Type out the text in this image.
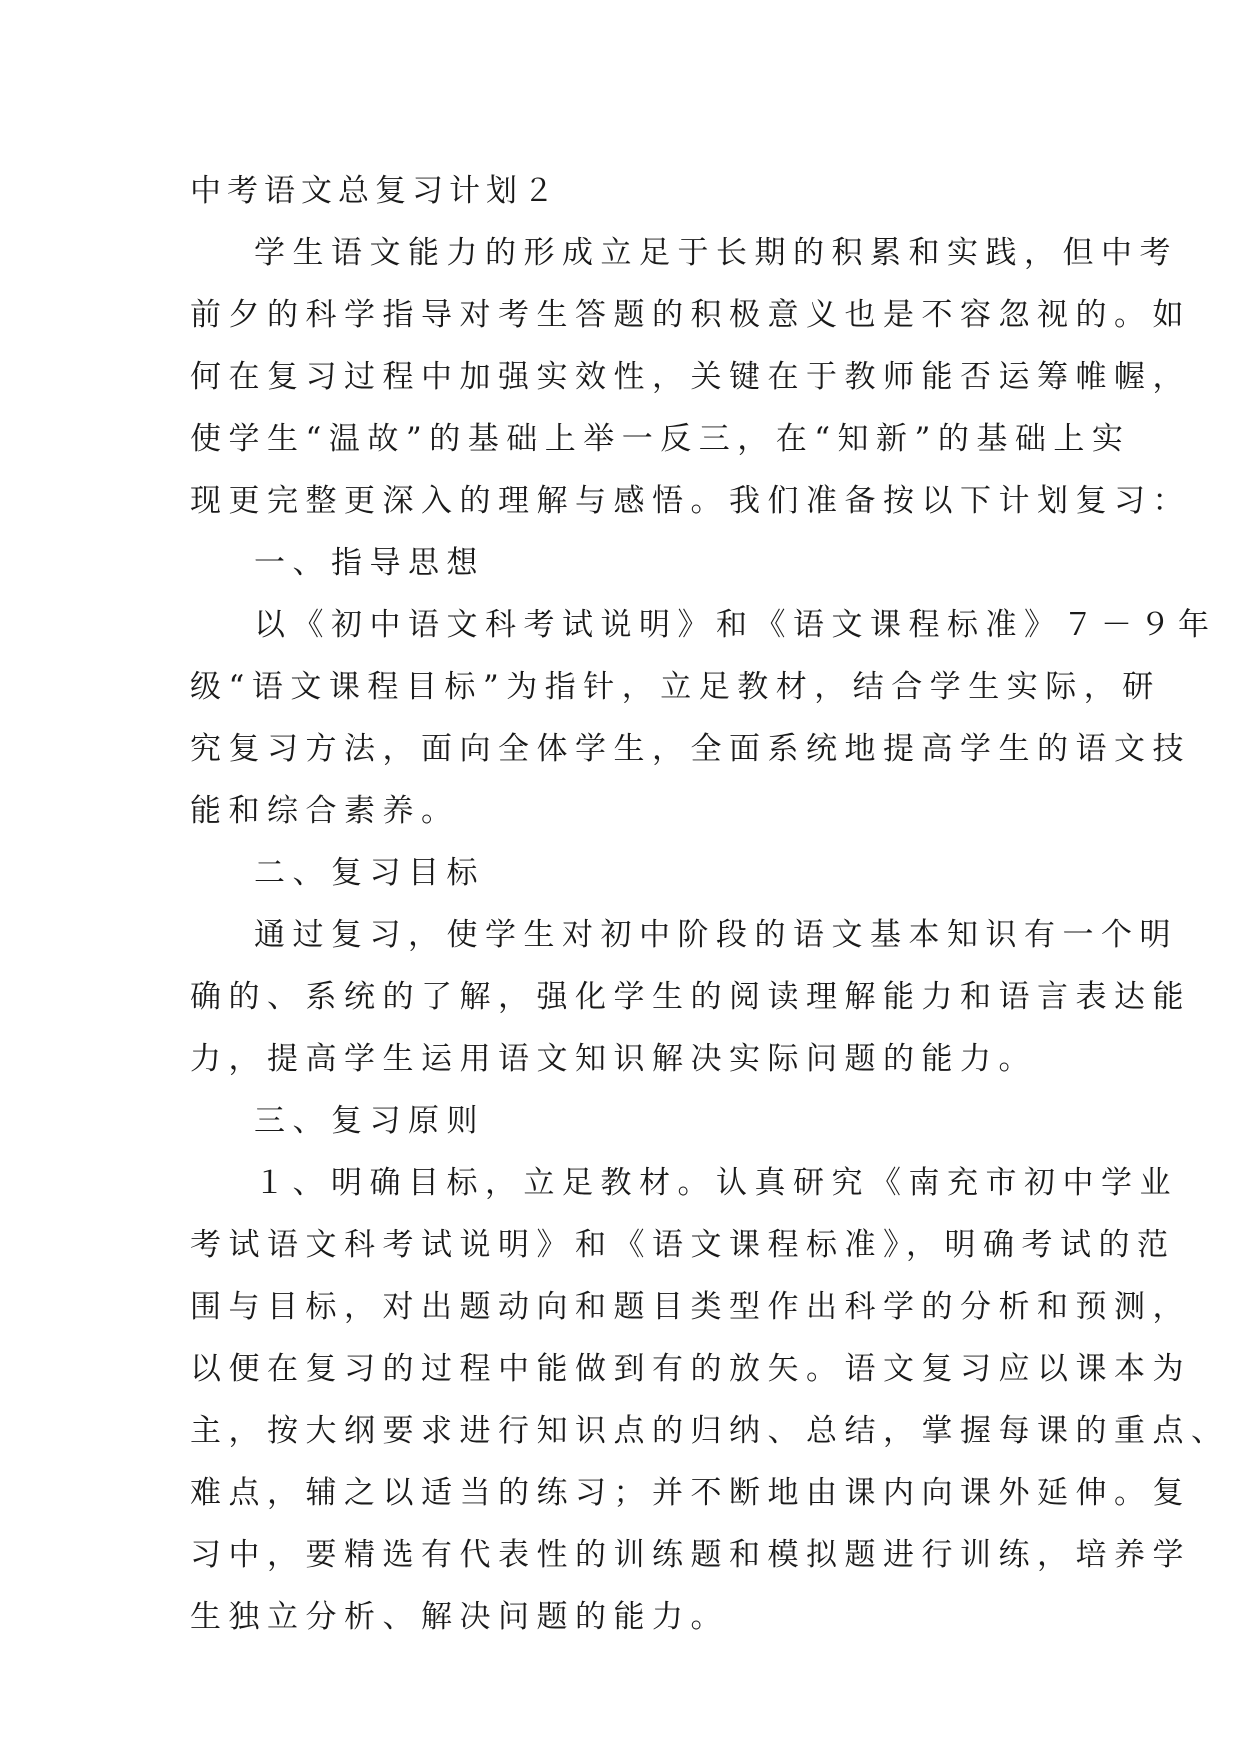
中考语文总复习计划２
学生语文能力的形成立足于长期的积累和实践，但中考
前夕的科学指导对考生答题的积极意义也是不容忽视的。如
何在复习过程中加强实效性，关键在于教师能否运筹帷幄，
使学生“温故”的基础上举一反三，在“知新”的基础上实
现更完整更深入的理解与感悟。我们准备按以下计划复习：
一、指导思想
以《初中语文科考试说明》和《语文课程标准》７－９年
级“语文课程目标”为指针，立足教材，结合学生实际，研
究复习方法，面向全体学生，全面系统地提高学生的语文技
能和综合素养。
二、复习目标
通过复习，使学生对初中阶段的语文基本知识有一个明
确的、系统的了解，强化学生的阅读理解能力和语言表达能
力，提高学生运用语文知识解决实际问题的能力。
三、复习原则
１、明确目标，立足教材。认真研究《南充市初中学业
考试语文科考试说明》和《语文课程标准》，明确考试的范
围与目标，对出题动向和题目类型作出科学的分析和预测，
以便在复习的过程中能做到有的放矢。语文复习应以课本为
主，按大纲要求进行知识点的归纳、总结，掌握每课的重点、
难点，辅之以适当的练习；并不断地由课内向课外延伸。复
习中，要精选有代表性的训练题和模拟题进行训练，培养学
生独立分析、解决问题的能力。
